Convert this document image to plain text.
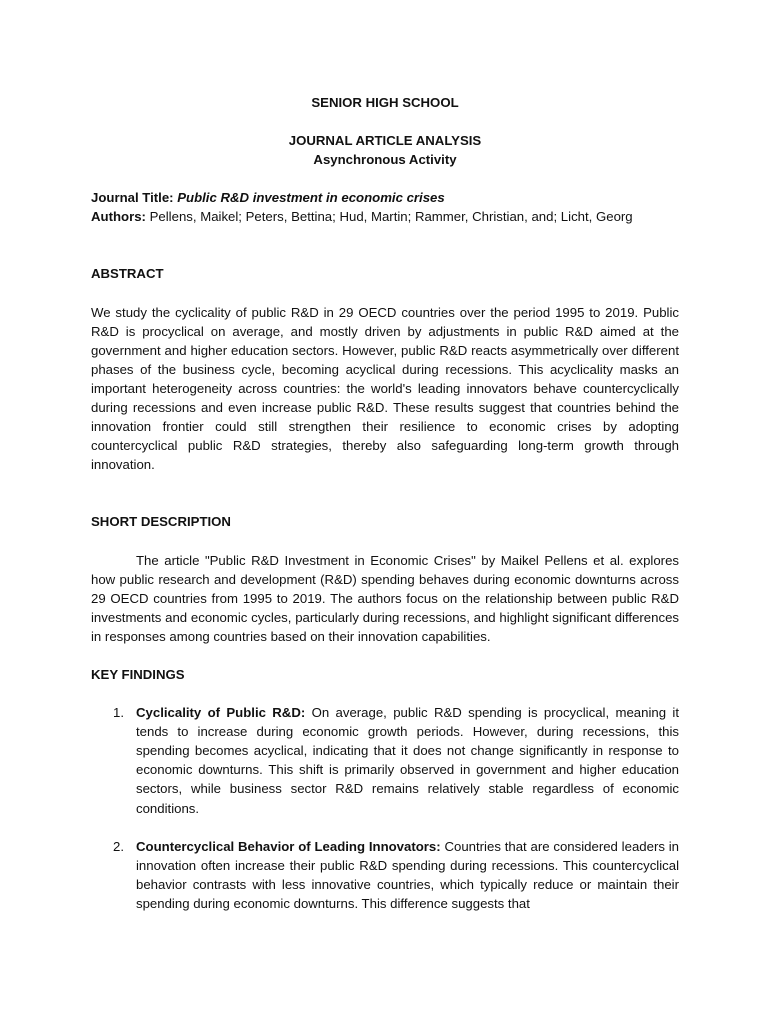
SENIOR HIGH SCHOOL
JOURNAL ARTICLE ANALYSIS
Asynchronous Activity
Journal Title: Public R&D investment in economic crises
Authors: Pellens, Maikel; Peters, Bettina; Hud, Martin; Rammer, Christian, and; Licht, Georg
ABSTRACT

We study the cyclicality of public R&D in 29 OECD countries over the period 1995 to 2019. Public R&D is procyclical on average, and mostly driven by adjustments in public R&D aimed at the government and higher education sectors. However, public R&D reacts asymmetrically over different phases of the business cycle, becoming acyclical during recessions. This acyclicality masks an important heterogeneity across countries: the world's leading innovators behave countercyclically during recessions and even increase public R&D. These results suggest that countries behind the innovation frontier could still strengthen their resilience to economic crises by adopting countercyclical public R&D strategies, thereby also safeguarding long-term growth through innovation.

SHORT DESCRIPTION

The article "Public R&D Investment in Economic Crises" by Maikel Pellens et al. explores how public research and development (R&D) spending behaves during economic downturns across 29 OECD countries from 1995 to 2019. The authors focus on the relationship between public R&D investments and economic cycles, particularly during recessions, and highlight significant differences in responses among countries based on their innovation capabilities.

KEY FINDINGS
1. Cyclicality of Public R&D: On average, public R&D spending is procyclical, meaning it tends to increase during economic growth periods. However, during recessions, this spending becomes acyclical, indicating that it does not change significantly in response to economic downturns. This shift is primarily observed in government and higher education sectors, while business sector R&D remains relatively stable regardless of economic conditions.
2. Countercyclical Behavior of Leading Innovators: Countries that are considered leaders in innovation often increase their public R&D spending during recessions. This countercyclical behavior contrasts with less innovative countries, which typically reduce or maintain their spending during economic downturns. This difference suggests that
